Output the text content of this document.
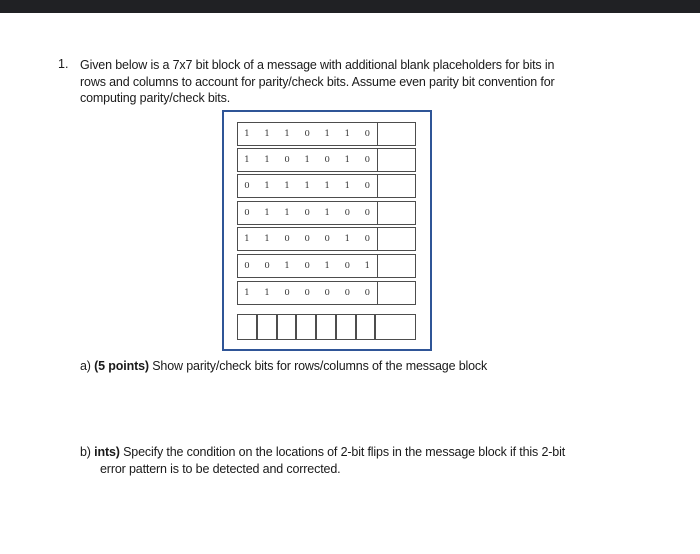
1. Given below is a 7x7 bit block of a message with additional blank placeholders for bits in
rows and columns to account for parity/check bits. Assume even parity bit convention for
computing parity/check bits.
1	1	1	0	1	1	0
1	1	0	1	0	1	0
0	1	1	1	1	1	0
0	1	1	0	1	0	0
1	1	0	0	0	1	0
0	0	1	0	1	0	1
1	1	0	0	0	0	0
a) (5 points) Show parity/check bits for rows/columns of the message block
b) ints) Specify the condition on the locations of 2-bit flips in the message block if this 2-bit
error pattern is to be detected and corrected.
